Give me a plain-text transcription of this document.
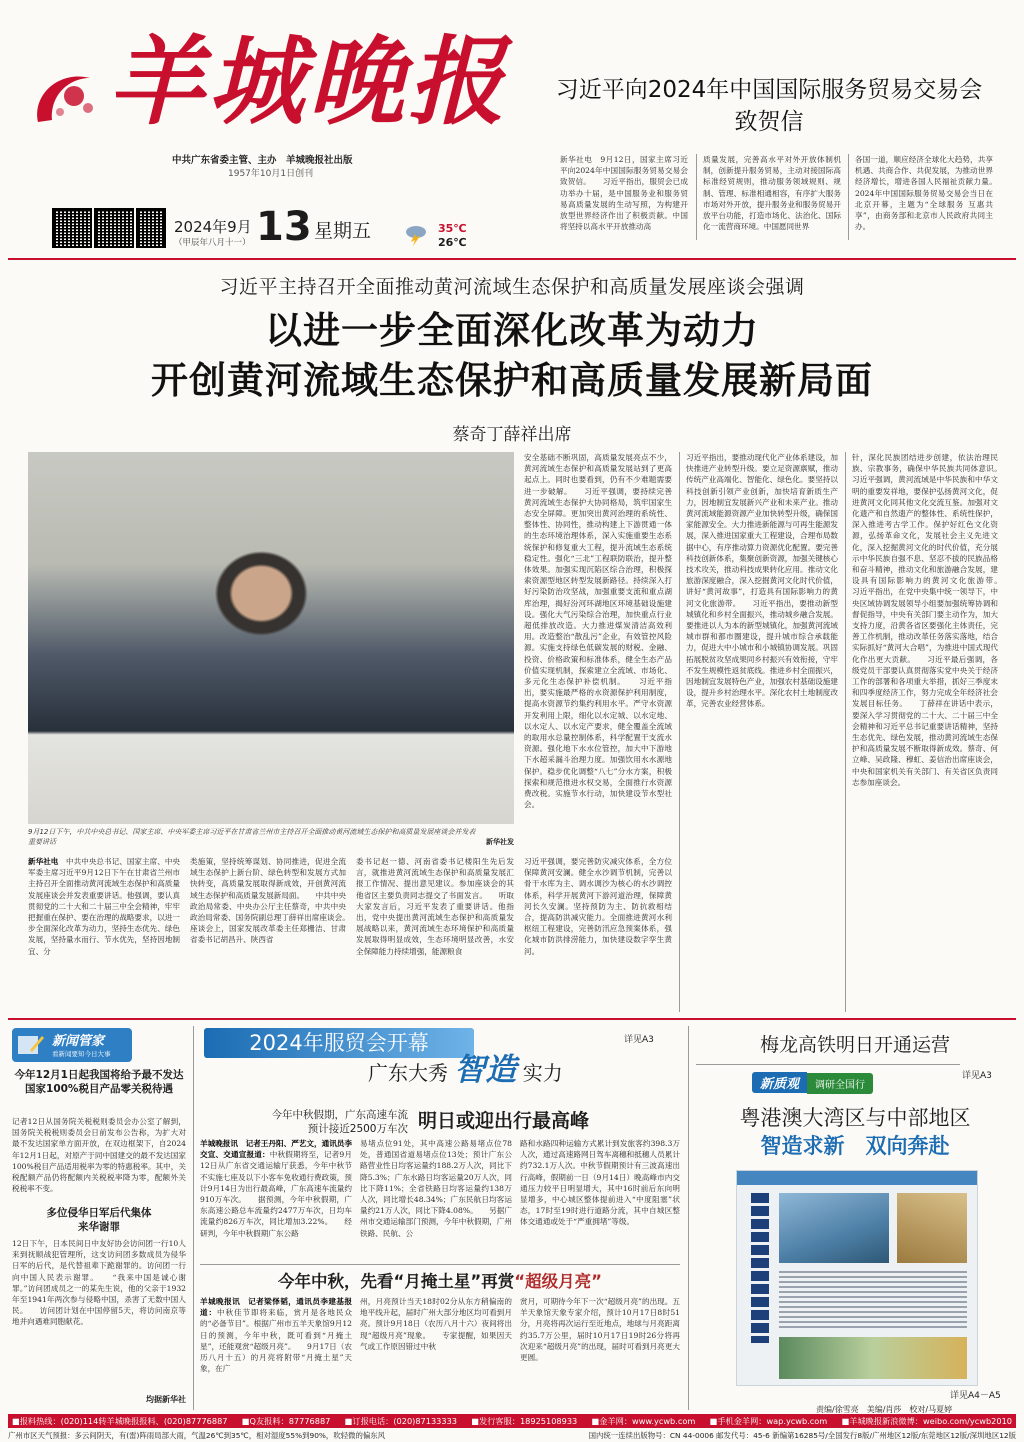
羊城晚报
中共广东省委主管、主办　羊城晚报社出版
1957年10月1日创刊
2024年9月
（甲辰年八月十一） 13 星期五	35℃
26℃
习近平向2024年中国国际服务贸易交易会
致贺信
新华社电　9月12日，国家主席习近平向2024年中国国际服务贸易交易会致贺信。　　习近平指出，服贸会已成功举办十届，是中国服务业和服务贸易高质量发展的生动写照，为构建开放型世界经济作出了积极贡献。中国将坚持以高水平开放推动高
质量发展，完善高水平对外开放体制机制，创新提升服务贸易，主动对接国际高标准经贸规则，推动服务领域规则、规制、管理、标准相通相容，有序扩大服务市场对外开放，提升服务业和服务贸易开放平台功能，打造市场化、法治化、国际化一流营商环境。中国愿同世界
各国一道，顺应经济全球化大趋势，共享机遇、共商合作、共促发展，为推动世界经济增长，增进各国人民福祉贡献力量。　　2024年中国国际服务贸易交易会当日在北京开幕，主题为“全球服务 互惠共享”，由商务部和北京市人民政府共同主办。
习近平主持召开全面推动黄河流域生态保护和高质量发展座谈会强调
以进一步全面深化改革为动力
开创黄河流域生态保护和高质量发展新局面
蔡奇丁薛祥出席
9月12日下午，中共中央总书记、国家主席、中央军委主席习近平在甘肃省兰州市主持召开全面推动黄河流域生态保护和高质量发展座谈会并发表重要讲话	新华社发
安全基础不断巩固，高质量发展亮点不少，黄河流域生态保护和高质量发展站到了更高起点上。同时也要看到，仍有不少难题需要进一步破解。　　习近平强调，要持续完善黄河流域生态保护大协同格局，筑牢国家生态安全屏障。更加突出黄河治理的系统性、整体性、协同性，推动构建上下游贯通一体的生态环境治理体系，深入实施重要生态系统保护和修复重大工程，提升流域生态系统稳定性。强化“三北”工程联防联治，提升整体效果。加强实现沉陷区综合治理，积极探索资源型地区转型发展新路径。持续深入打好污染防治攻坚战，加强重要支流和重点湖库治理，揭好汾河环湖地区环境基础设施建设。强化大气污染综合治理，加快重点行业超低排放改造。大力推进煤炭清洁高效利用。改造整治“散乱污”企业，有效管控风险源。实施支持绿色低碳发展的财税、金融、投资、价格政策和标准体系，健全生态产品价值实现机制，探索建立全流域、市场化、多元化生态保护补偿机制。　　习近平指出，要实施最严格的水资源保护利用制度，提高水资源节约集约利用水平。严守水资源开发利用上限，细化以水定城、以水定地、以水定人、以水定产要求，健全覆盖全流域的取用水总量控制体系，科学配置干支流水资源。强化地下水水位管控，加大中下游地下水超采漏斗治理力度。加强饮用水水源地保护。稳步优化调整“八七”分水方案，积极探索和规范推进水权交易，全面推行水资源费改税。实施节水行动，加快建设节水型社会。
习近平指出，要推动现代化产业体系建设，加快推进产业转型升级。要立足资源禀赋，推动传统产业高端化、智能化、绿色化。要坚持以科技创新引领产业创新，加快培育新质生产力，因地制宜发展新兴产业和未来产业。推动黄河流域能源资源产业加快转型升级，确保国家能源安全。大力推进新能源与可再生能源发展，深入推进国家重大工程建设，合理布局数据中心，有序推动算力资源优化配置。要完善科技创新体系，集聚创新资源，加强关键核心技术攻关，推动科技成果转化应用。推动文化旅游深度融合，深入挖掘黄河文化时代价值，讲好“黄河故事”，打造具有国际影响力的黄河文化旅游带。　　习近平指出，要推动新型城镇化和乡村全面振兴，推动城乡融合发展。要推进以人为本的新型城镇化，加强黄河流域城市群和都市圈建设，提升城市综合承载能力，促进大中小城市和小城镇协调发展。巩固拓展脱贫攻坚成果同乡村振兴有效衔接，守牢不发生规模性返贫底线。推进乡村全面振兴，因地制宜发展特色产业，加强农村基础设施建设，提升乡村治理水平。深化农村土地制度改革，完善农业经营体系。
针，深化民族团结进步创建，依法治理民族、宗教事务，确保中华民族共同体意识。　　习近平强调，黄河流域是中华民族和中华文明的重要发祥地，要保护弘扬黄河文化，促进黄河文化同其他文化交流互鉴。加强对文化遗产和自然遗产的整体性、系统性保护，深入推进考古学工作。保护好红色文化资源，弘扬革命文化，发展社会主义先进文化，深入挖掘黄河文化的时代价值，充分展示中华民族自强不息、坚忍不拔的民族品格和奋斗精神，推动文化和旅游融合发展，建设具有国际影响力的黄河文化旅游带。　　习近平指出，在党中央集中统一领导下，中央区域协调发展领导小组要加强统筹协调和督促指导，中央有关部门要主动作为，加大支持力度，沿黄各省区要强化主体责任，完善工作机制，推动改革任务落实落地，结合实际抓好“黄河大合唱”，为推进中国式现代化作出更大贡献。　　习近平最后强调，各级党员干部要认真贯彻落实党中央关于经济工作的部署和各项重大举措，抓好三季度末和四季度经济工作，努力完成全年经济社会发展目标任务。　　丁薛祥在讲话中表示，要深入学习贯彻党的二十大、二十届三中全会精神和习近平总书记重要讲话精神，坚持生态优先、绿色发展，推动黄河流域生态保护和高质量发展不断取得新成效。蔡奇、何立峰、吴政隆、穆虹、姜信治出席座谈会，中央和国家机关有关部门、有关省区负责同志参加座谈会。
新华社电　 中共中央总书记、国家主席、中央军委主席习近平9月12日下午在甘肃省兰州市主持召开全面推动黄河流域生态保护和高质量发展座谈会并发表重要讲话。他强调，要认真贯彻党的二十大和二十届三中全会精神，牢牢把握重在保护、要在治理的战略要求，以进一步全面深化改革为动力，坚持生态优先、绿色发展，坚持量水而行、节水优先，坚持因地制宜、分
类施策，坚持统筹谋划、协同推进，促进全流域生态保护上新台阶、绿色转型和发展方式加快转变，高质量发展取得新成效，开创黄河流域生态保护和高质量发展新局面。　　中共中央政治局常委、中央办公厅主任蔡奇，中共中央政治局常委、国务院副总理丁薛祥出席座谈会。　　座谈会上，国家发展改革委主任郑栅洁、甘肃省委书记胡昌升、陕西省
委书记赵一德、河南省委书记楼阳生先后发言，就推进黄河流域生态保护和高质量发展汇报工作情况、提出意见建议。参加座谈会的其他省区主要负责同志提交了书面发言。　　听取大家发言后，习近平发表了重要讲话。他指出，党中央提出黄河流域生态保护和高质量发展战略以来，黄河流域生态环境保护和高质量发展取得明显成效，生态环境明显改善，水安全保障能力持续增强，能源粮食
习近平强调，要完善防灾减灾体系，全方位保障黄河安澜。健全水沙调节机制，完善以骨干水库为主、调水调沙为核心的水沙调控体系，科学开展黄河下游河道治理，保障黄河长久安澜。坚持预防为主、防抗救相结合，提高防洪减灾能力。全面推进黄河水利枢纽工程建设，完善防汛应急预案体系，强化城市防洪排涝能力，加快建设数字孪生黄河。
新闻管家
看新闻要知今日大事
今年12月1日起我国将给予最不发达国家100%税目产品零关税待遇
记者12日从国务院关税税则委员会办公室了解到，国务院关税税则委员会日前发布公告称，为扩大对最不发达国家单方面开放，在双边框架下，自2024年12月1日起，对原产于同中国建交的最不发达国家100%税目产品适用税率为零的特惠税率。其中，关税配额产品仍将配额内关税税率降为零，配额外关税税率不变。
多位侵华日军后代集体来华谢罪
12日下午，日本民间日中友好协会访问团一行10人来到抚顺战犯管理所，这支访问团多数成员为侵华日军的后代，是代替祖辈下跪谢罪的。访问团一行向中国人民表示谢罪。　　“我来中国是诚心谢罪。”访问团成员之一的某先生说，他的父亲于1932年至1941年两次参与侵略中国，杀害了无数中国人民。　　访问团计划在中国停留5天，将访问南京等地并向遇难同胞献花。
均据新华社
2024年服贸会开幕	详见A3
广东大秀 智造 实力
今年中秋假期，广东高速车流
预计接近2500万车次 明日或迎出行最高峰
羊城晚报讯　记者王丹阳、严艺文，通讯员李交宣、交通宣报道：中秋假期将至，记者9月12日从广东省交通运输厅获悉，今年中秋节不实施七座及以下小客车免收通行费政策，预计9月14日为出行最高峰，广东高速车流量约910万车次。　　据预测，今年中秋假期，广东高速公路总车流量约2477万车次，日均车流量约826万车次，同比增加3.22%。　　经研判，今年中秋假期广东公路
易堵点位91处，其中高速公路易堵点位78处，普通国省道易堵点位13处；预计广东公路营业性日均客运量约188.2万人次，同比下降5.3%；广东水路日均客运量20万人次，同比下降11%；全省铁路日均客运量约138万人次，同比增长48.34%；广东民航日均客运量约21万人次，同比下降4.08%。　　另据广州市交通运输部门预测，今年中秋假期，广州铁路、民航、公
路和水路四种运输方式累计到发旅客约398.3万人次，通过高速路网日驾车离穗和抵穗人员累计约732.1万人次。中秋节假期预计有三波高速出行高峰，假期前一日（9月14日）晚高峰市内交通压力较平日明显增大，其中16时前后东向明显增多，中心城区整体提前进入“中度阻塞”状态，17时至19时进行道路分流，其中自城区整体交通通或处于“严重拥堵”等级。
今年中秋，先看“月掩土星”再赏“超级月亮”
羊城晚报讯　记者梁怿韬，通讯员李建基报道：中秋佳节即将来临，赏月是各地民众的“必备节目”。根据广州市五羊天象馆9月12日的预测，今年中秋，既可看到“月掩土星”，还能观赏“超级月亮”。　　9月17日（农历八月十五）的月亮将附带“月掩土星”天象，在广
州，月亮预计当天18时02分从东方稍偏南的地平线升起，届时广州大部分地区均可看到月亮。预计9月18日（农历八月十六）夜间将出现“超级月亮”现象。　　专家提醒，如果因天气或工作原因错过中秋
赏月，可期待今年下一次“超级月亮”的出现。五羊天象馆天象专家介绍，预计10月17日8时51分，月亮将再次运行至近地点，地球与月亮距离约35.7万公里，届时10月17日19时26分将再次迎来“超级月亮”的出现，届时可看到月亮更大更圆。
梅龙高铁明日开通运营
详见A3
新质观 调研全国行
粤港澳大湾区与中部地区
智造求新　 双向奔赴
详见A4－A5
责编/徐雪亮　美编/肖莎　校对/马夏婷
■报料热线：(020)114转羊城晚报报料、(020)87776887 ■Q友报料：87776887 ■订报电话：(020)87133333 ■发行客服：18925108933 ■金羊网：www.ycwb.com ■手机金羊网：wap.ycwb.com ■羊城晚报新浪微博：weibo.com/ycwb2010
广州市区天气预报：多云间阴天，有(雷)阵雨局部大雨，气温26℃到35℃，相对湿度55%到90%，吹轻微的偏东风	国内统一连续出版物号：CN 44-0006 邮发代号：45-6 新编第16285号/全国发行8版/广州地区12版/东莞地区12版/深圳地区12版
